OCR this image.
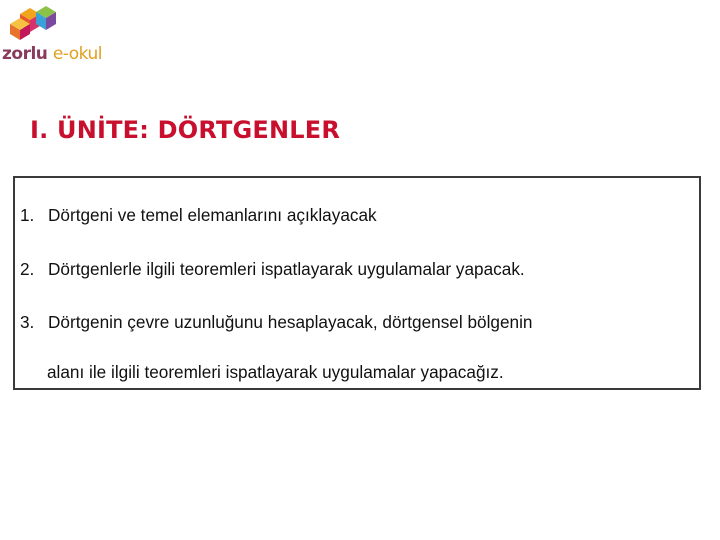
zorlu e-okul
I. ÜNİTE: DÖRTGENLER
1. Dörtgeni ve temel elemanlarını açıklayacak
2. Dörtgenlerle ilgili teoremleri ispatlayarak uygulamalar yapacak.
3. Dörtgenin çevre uzunluğunu hesaplayacak, dörtgensel bölgenin
alanı ile ilgili teoremleri ispatlayarak uygulamalar yapacağız.
